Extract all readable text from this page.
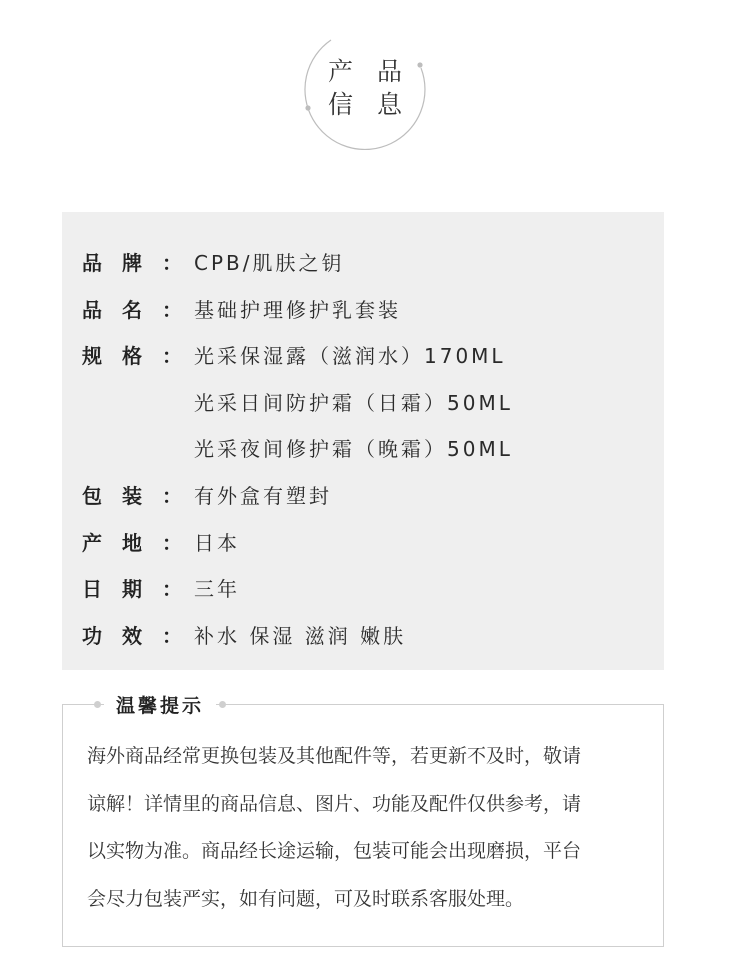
产 品
信 息
品　牌 ： CPB/肌肤之钥
品　名 ： 基础护理修护乳套装
规　格 ： 光采保湿露（滋润水）170ML
光采日间防护霜（日霜）50ML
光采夜间修护霜（晚霜）50ML
包　装 ： 有外盒有塑封
产　地 ： 日本
日　期 ： 三年
功　效 ： 补水 保湿 滋润 嫩肤
温馨提示
海外商品经常更换包装及其他配件等，若更新不及时，敬请
谅解！详情里的商品信息、图片、功能及配件仅供参考，请
以实物为准。商品经长途运输，包装可能会出现磨损，平台
会尽力包装严实，如有问题，可及时联系客服处理。
